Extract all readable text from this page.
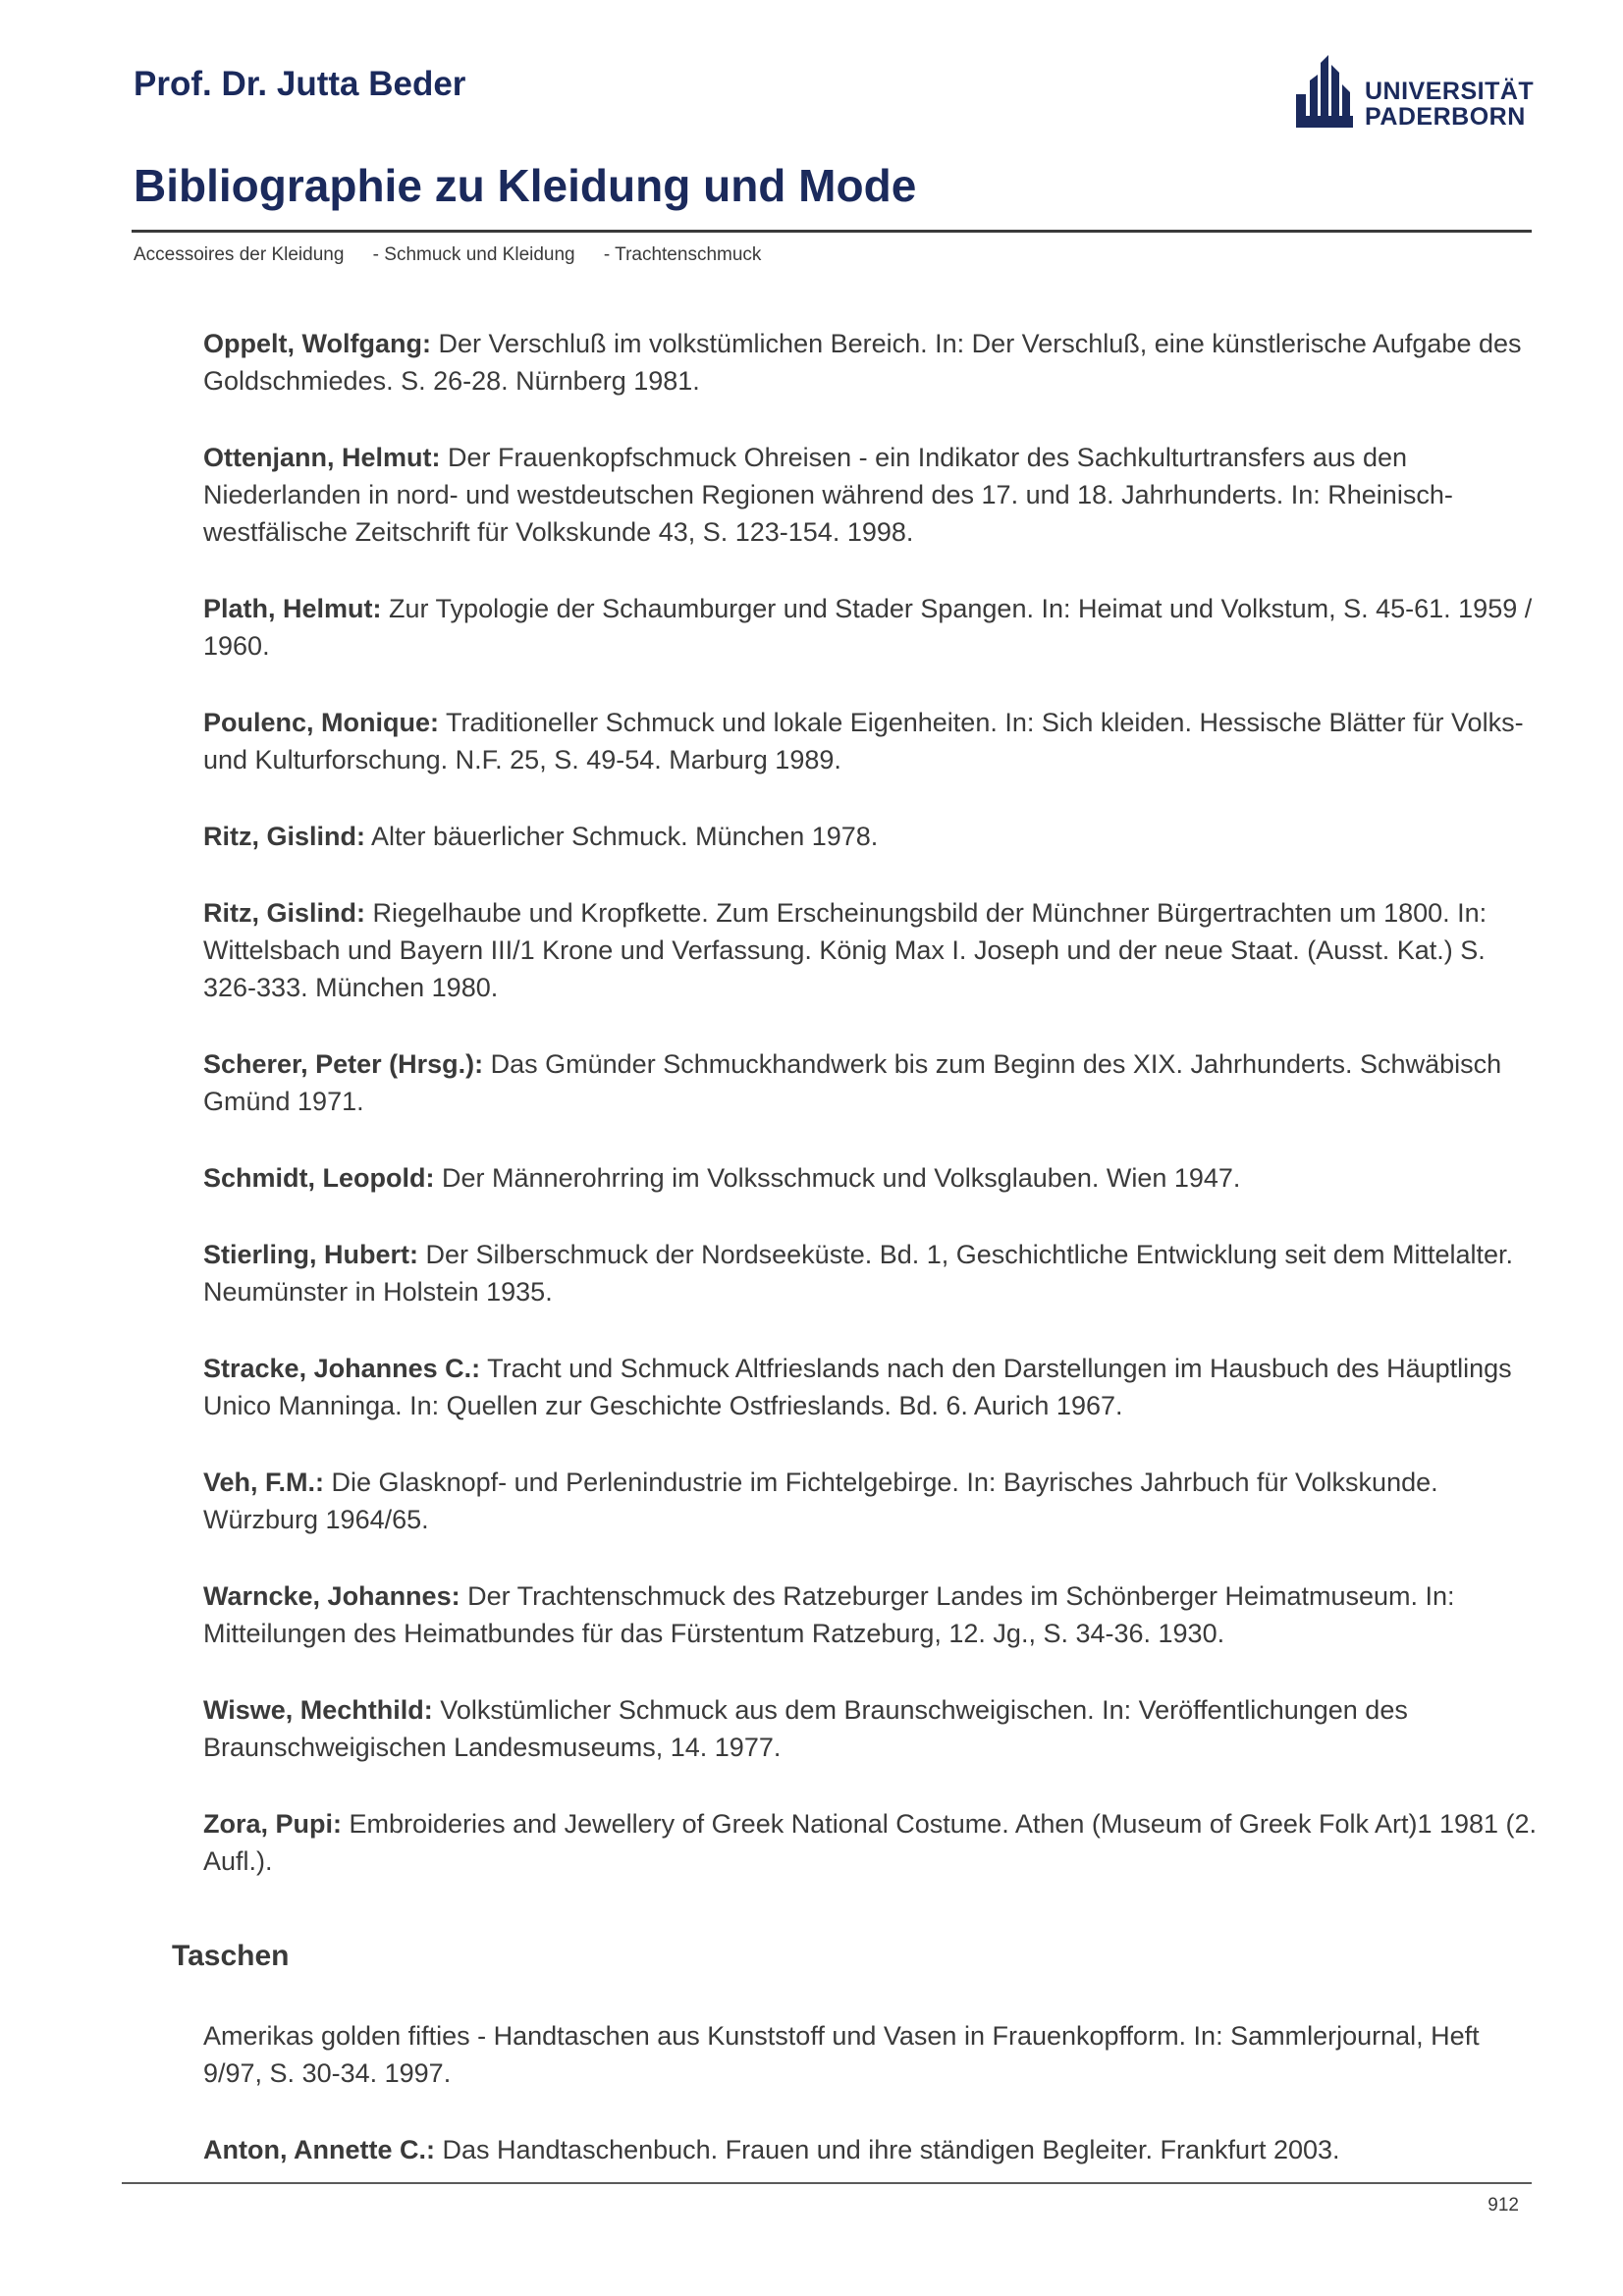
Prof. Dr. Jutta Beder	UNIVERSITÄT
PADERBORN
Bibliographie zu Kleidung und Mode
Accessoires der Kleidung - Schmuck und Kleidung - Trachtenschmuck

Oppelt, Wolfgang: Der Verschluß im volkstümlichen Bereich. In: Der Verschluß, eine künstlerische Aufgabe des Goldschmiedes. S. 26-28. Nürnberg 1981.

Ottenjann, Helmut: Der Frauenkopfschmuck Ohreisen - ein Indikator des Sachkulturtransfers aus den Niederlanden in nord- und westdeutschen Regionen während des 17. und 18. Jahrhunderts. In: Rheinisch-westfälische Zeitschrift für Volkskunde 43, S. 123-154. 1998.

Plath, Helmut: Zur Typologie der Schaumburger und Stader Spangen. In: Heimat und Volkstum, S. 45-61. 1959 / 1960.

Poulenc, Monique: Traditioneller Schmuck und lokale Eigenheiten. In: Sich kleiden. Hessische Blätter für Volks- und Kulturforschung. N.F. 25, S. 49-54. Marburg 1989.

Ritz, Gislind: Alter bäuerlicher Schmuck. München 1978.

Ritz, Gislind: Riegelhaube und Kropfkette. Zum Erscheinungsbild der Münchner Bürgertrachten um 1800. In: Wittelsbach und Bayern III/1 Krone und Verfassung. König Max I. Joseph und der neue Staat. (Ausst. Kat.) S. 326-333. München 1980.

Scherer, Peter (Hrsg.): Das Gmünder Schmuckhandwerk bis zum Beginn des XIX. Jahrhunderts. Schwäbisch Gmünd 1971.

Schmidt, Leopold: Der Männerohrring im Volksschmuck und Volksglauben. Wien 1947.

Stierling, Hubert: Der Silberschmuck der Nordseeküste. Bd. 1, Geschichtliche Entwicklung seit dem Mittelalter. Neumünster in Holstein 1935.

Stracke, Johannes C.: Tracht und Schmuck Altfrieslands nach den Darstellungen im Hausbuch des Häuptlings Unico Manninga. In: Quellen zur Geschichte Ostfrieslands. Bd. 6. Aurich 1967.

Veh, F.M.: Die Glasknopf- und Perlenindustrie im Fichtelgebirge. In: Bayrisches Jahrbuch für Volkskunde. Würzburg 1964/65.

Warncke, Johannes: Der Trachtenschmuck des Ratzeburger Landes im Schönberger Heimatmuseum. In: Mitteilungen des Heimatbundes für das Fürstentum Ratzeburg, 12. Jg., S. 34-36. 1930.

Wiswe, Mechthild: Volkstümlicher Schmuck aus dem Braunschweigischen. In: Veröffentlichungen des Braunschweigischen Landesmuseums, 14. 1977.

Zora, Pupi: Embroideries and Jewellery of Greek National Costume. Athen (Museum of Greek Folk Art)1 1981 (2. Aufl.).

Taschen

Amerikas golden fifties - Handtaschen aus Kunststoff und Vasen in Frauenkopfform. In: Sammlerjournal, Heft 9/97, S. 30-34. 1997.

Anton, Annette C.: Das Handtaschenbuch. Frauen und ihre ständigen Begleiter. Frankfurt 2003.

912
